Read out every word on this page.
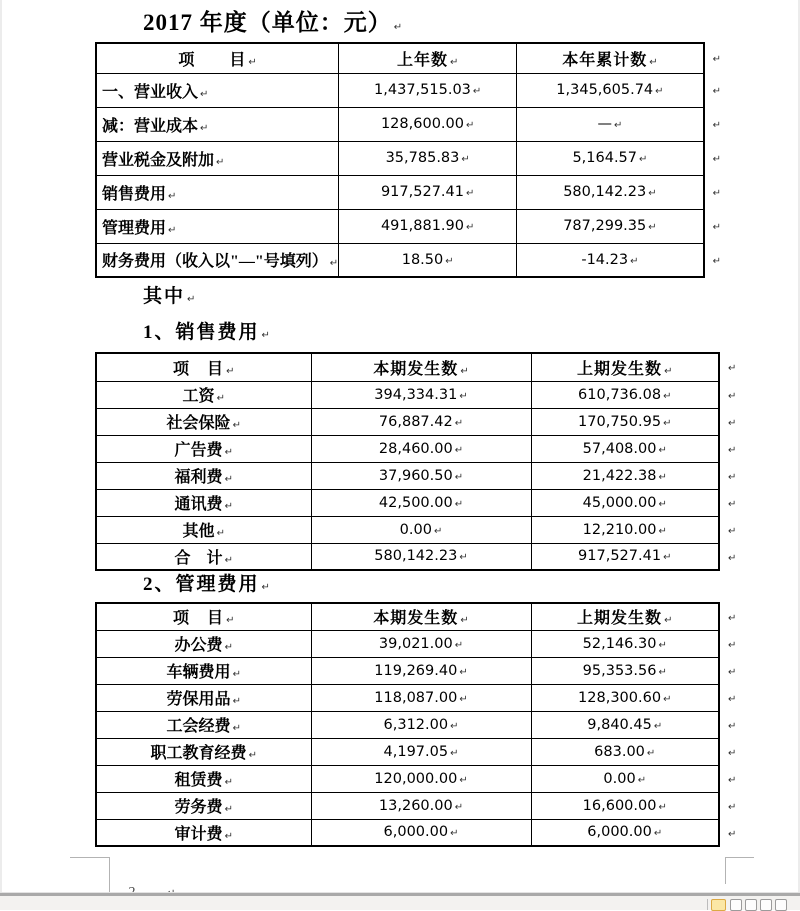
2017 年度（单位：元） ↵
项　　目 ↵	上年数 ↵	本年累计数 ↵	↵
一、营业收入 ↵	1,437,515.03 ↵	1,345,605.74 ↵	↵
减：营业成本 ↵	128,600.00 ↵	— ↵	↵
营业税金及附加 ↵	35,785.83 ↵	5,164.57 ↵	↵
销售费用 ↵	917,527.41 ↵	580,142.23 ↵	↵
管理费用 ↵	491,881.90 ↵	787,299.35 ↵	↵
财务费用（收入以"—"号填列） ↵	18.50 ↵	-14.23 ↵	↵
其中 ↵
1、销售费用 ↵
项　目 ↵	本期发生数 ↵	上期发生数 ↵	↵
工资 ↵	394,334.31 ↵	610,736.08 ↵	↵
社会保险 ↵	76,887.42 ↵	170,750.95 ↵	↵
广告费 ↵	28,460.00 ↵	57,408.00 ↵	↵
福利费 ↵	37,960.50 ↵	21,422.38 ↵	↵
通讯费 ↵	42,500.00 ↵	45,000.00 ↵	↵
其他 ↵	0.00 ↵	12,210.00 ↵	↵
合　计 ↵	580,142.23 ↵	917,527.41 ↵	↵
2、管理费用 ↵
项　目 ↵	本期发生数 ↵	上期发生数 ↵	↵
办公费 ↵	39,021.00 ↵	52,146.30 ↵	↵
车辆费用 ↵	119,269.40 ↵	95,353.56 ↵	↵
劳保用品 ↵	118,087.00 ↵	128,300.60 ↵	↵
工会经费 ↵	6,312.00 ↵	9,840.45 ↵	↵
职工教育经费 ↵	4,197.05 ↵	683.00 ↵	↵
租赁费 ↵	120,000.00 ↵	0.00 ↵	↵
劳务费 ↵	13,260.00 ↵	16,600.00 ↵	↵
审计费 ↵	6,000.00 ↵	6,000.00 ↵	↵
